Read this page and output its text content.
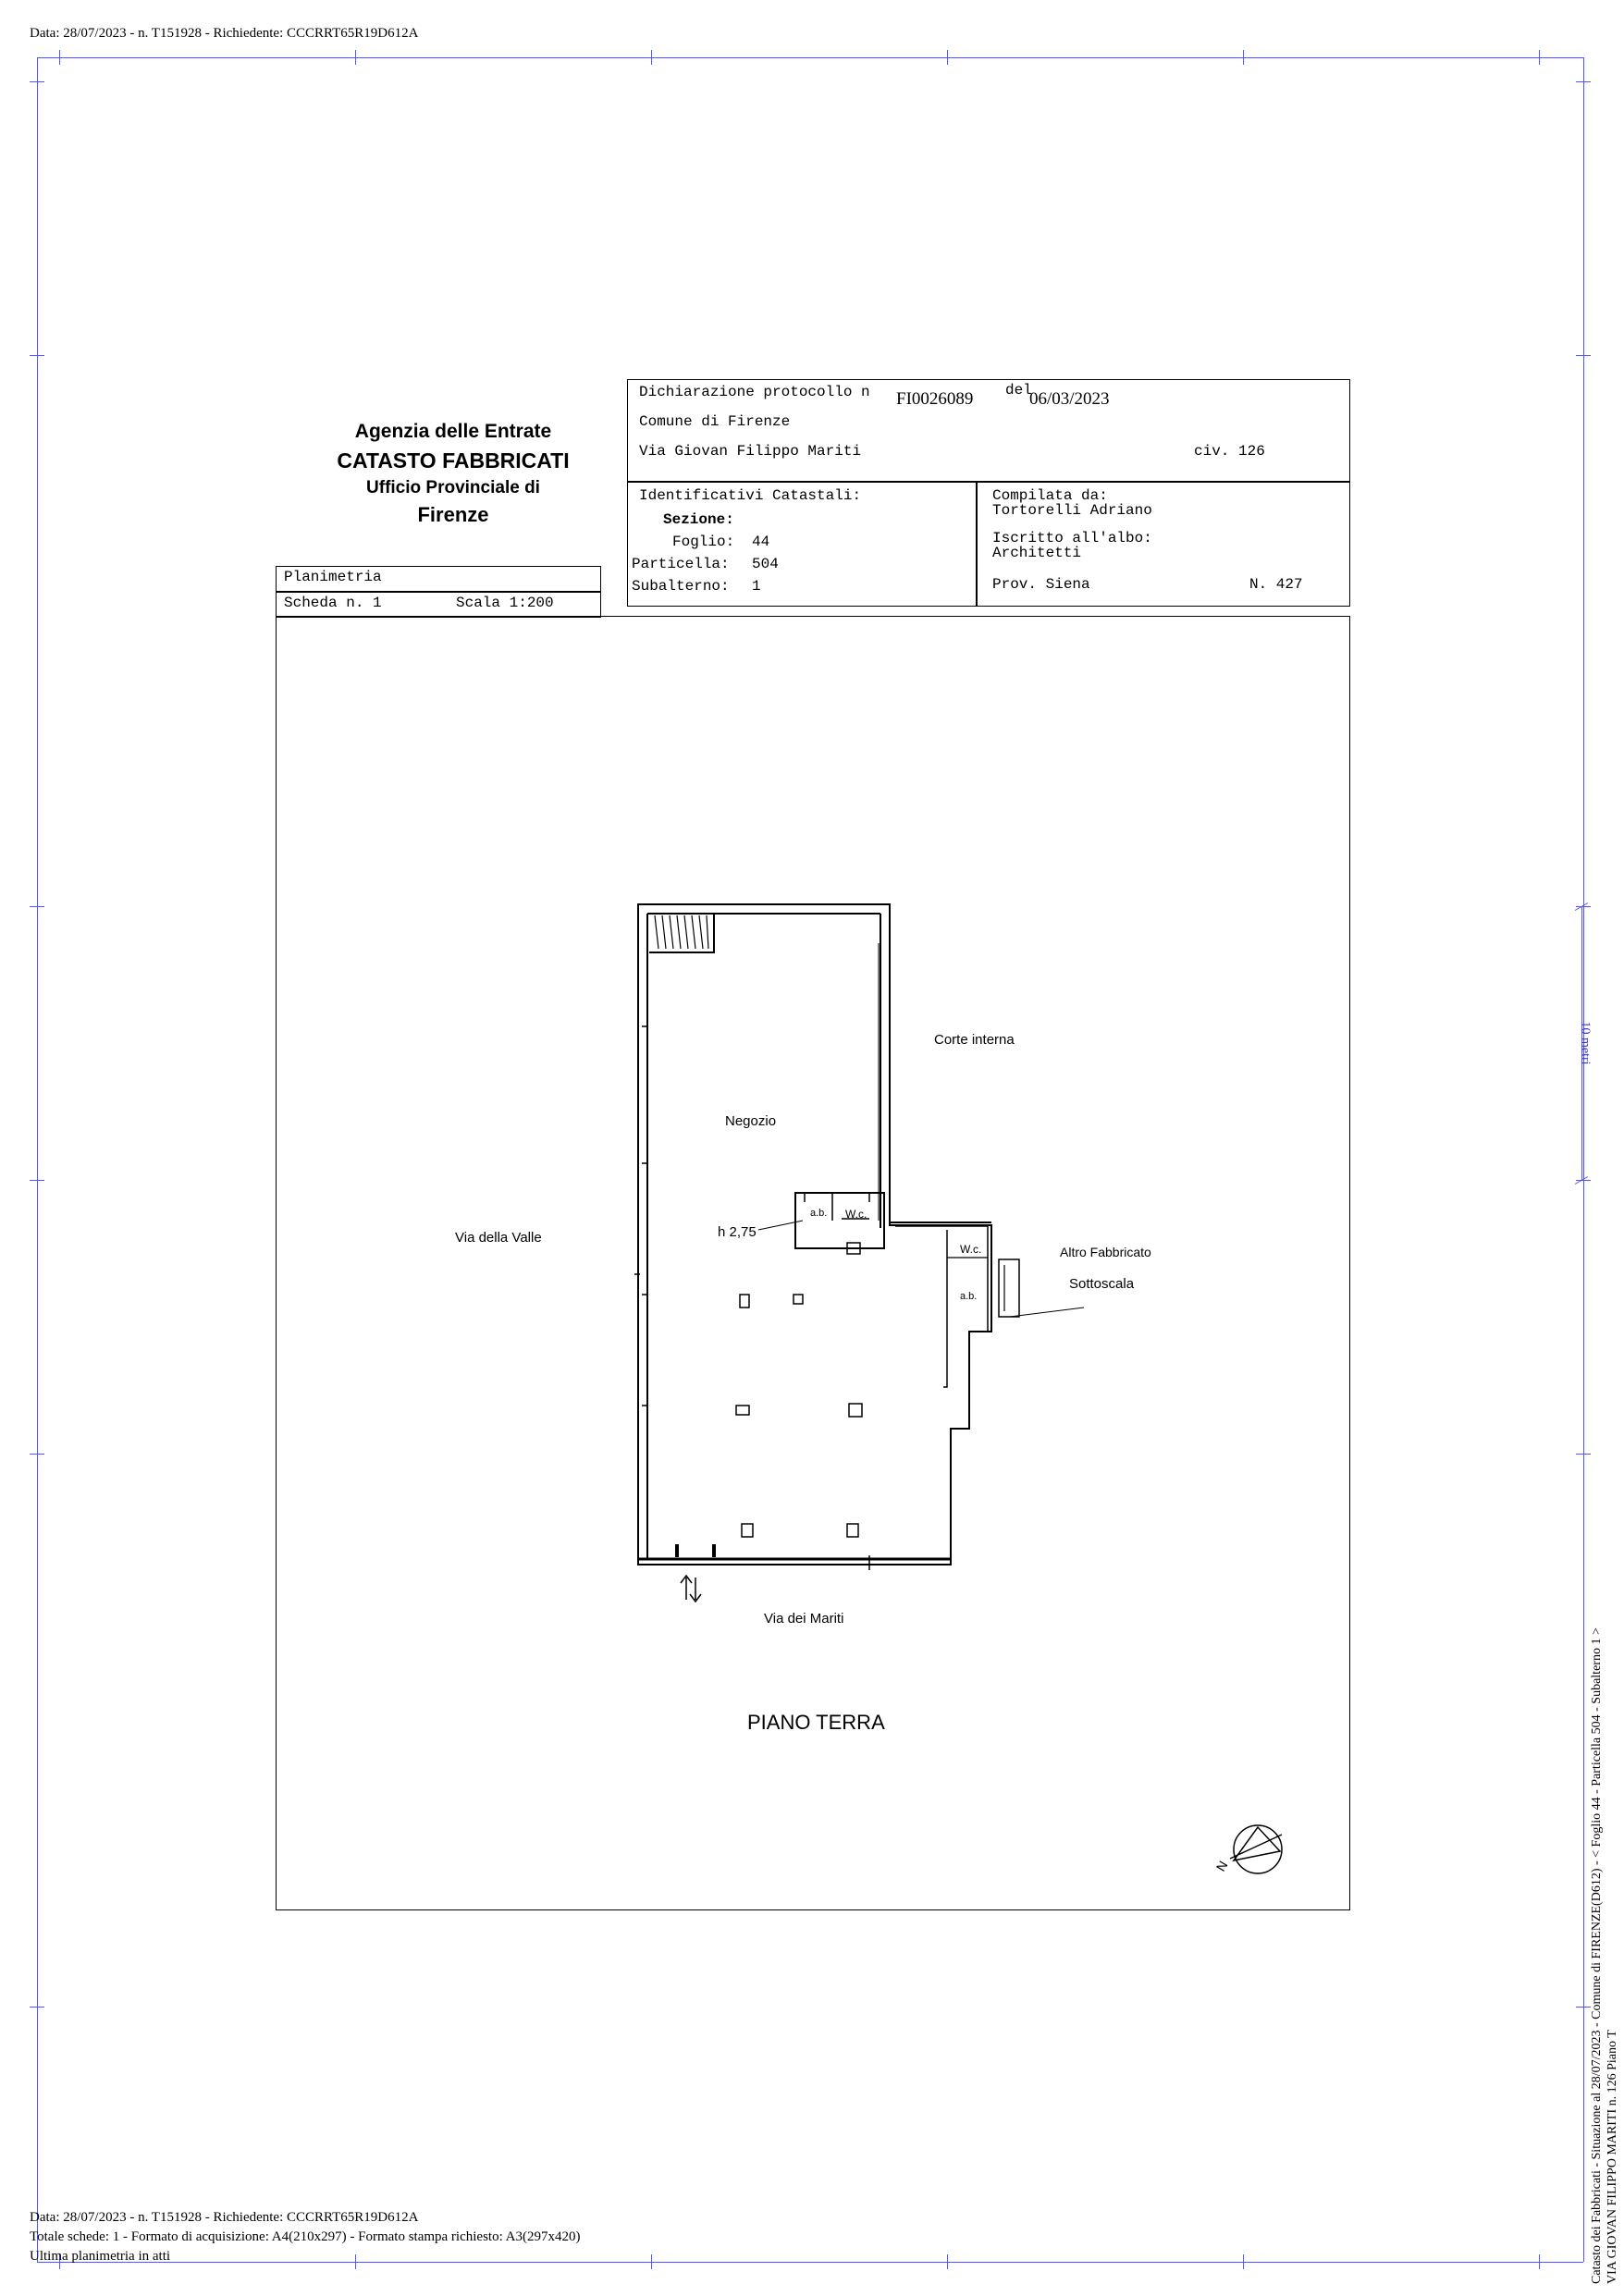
Data: 28/07/2023 - n. T151928 - Richiedente: CCCRRT65R19D612A
10 metri
Catasto dei Fabbricati - Situazione al 28/07/2023 - Comune di FIRENZE(D612) - < Foglio 44 - Particella 504 - Subalterno 1 > VIA GIOVAN FILIPPO MARITI n. 126 Piano T
Agenzia delle Entrate
CATASTO FABBRICATI
Ufficio Provinciale di
Firenze
Dichiarazione protocollo n FI0026089 del
06/03/2023
Comune di Firenze
Via Giovan Filippo Mariti	civ. 126
Identificativi Catastali:
Sezione:
Foglio: 44
Particella: 504
Subalterno: 1
Compilata da:
Tortorelli Adriano
Iscritto all'albo:
Architetti
Prov. Siena	N. 427
Planimetria
Scheda n. 1	Scala 1:200
Corte interna
Negozio
Via della Valle	h 2,75
a.b. W.c.
W.c.
a.b.
Altro Fabbricato
Sottoscala
Via dei Mariti
PIANO TERRA
N
Data: 28/07/2023 - n. T151928 - Richiedente: CCCRRT65R19D612A
Totale schede: 1 - Formato di acquisizione: A4(210x297) - Formato stampa richiesto: A3(297x420)
Ultima planimetria in atti
